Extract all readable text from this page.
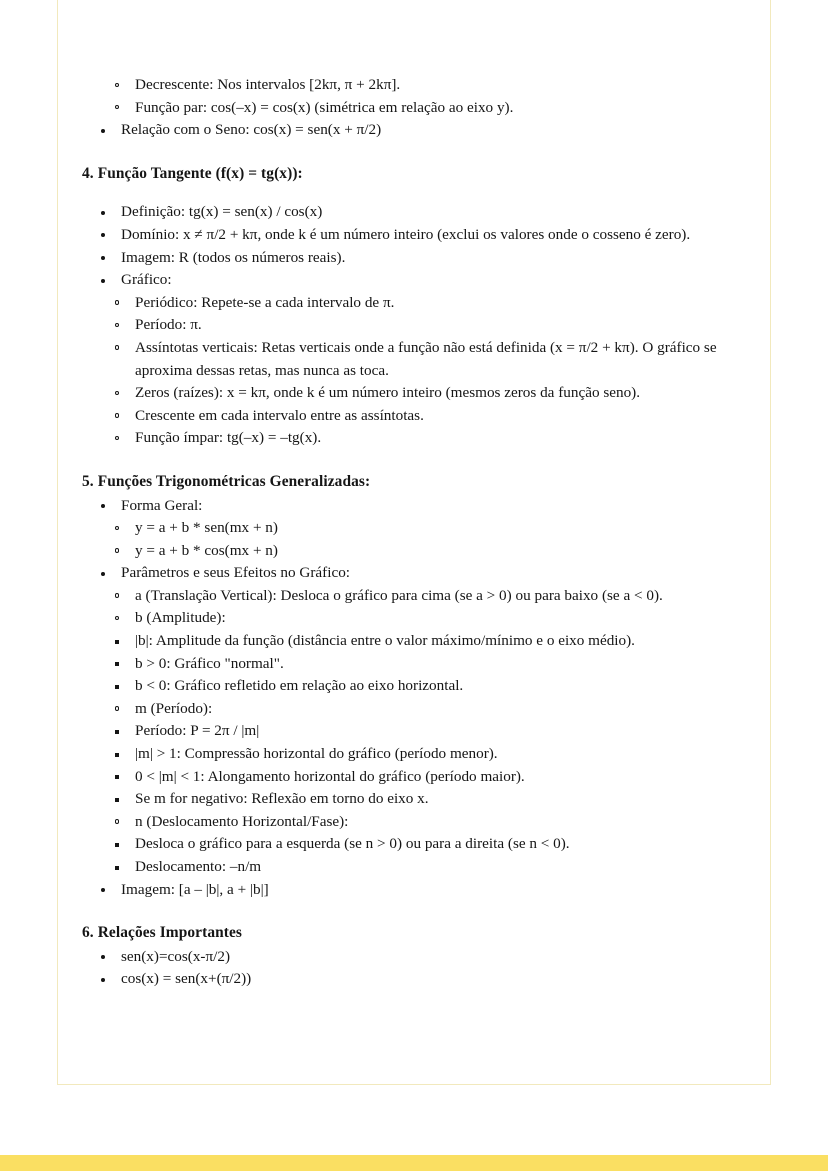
Decrescente: Nos intervalos [2kπ, π + 2kπ].
Função par: cos(–x) = cos(x) (simétrica em relação ao eixo y).
Relação com o Seno: cos(x) = sen(x + π/2)

4. Função Tangente (f(x) = tg(x)):

Definição: tg(x) = sen(x) / cos(x)
Domínio: x ≠ π/2 + kπ, onde k é um número inteiro (exclui os valores onde o cosseno é zero).
Imagem: R (todos os números reais).
Gráfico:
Periódico: Repete-se a cada intervalo de π.
Período: π.
Assíntotas verticais: Retas verticais onde a função não está definida (x = π/2 + kπ). O gráfico se aproxima dessas retas, mas nunca as toca.
Zeros (raízes): x = kπ, onde k é um número inteiro (mesmos zeros da função seno).
Crescente em cada intervalo entre as assíntotas.
Função ímpar: tg(–x) = –tg(x).

5. Funções Trigonométricas Generalizadas:

Forma Geral:
y = a + b * sen(mx + n)
y = a + b * cos(mx + n)
Parâmetros e seus Efeitos no Gráfico:
a (Translação Vertical): Desloca o gráfico para cima (se a > 0) ou para baixo (se a < 0).
b (Amplitude):
|b|: Amplitude da função (distância entre o valor máximo/mínimo e o eixo médio).
b > 0: Gráfico "normal".
b < 0: Gráfico refletido em relação ao eixo horizontal.
m (Período):
Período: P = 2π / |m|
|m| > 1: Compressão horizontal do gráfico (período menor).
0 < |m| < 1: Alongamento horizontal do gráfico (período maior).
Se m for negativo: Reflexão em torno do eixo x.
n (Deslocamento Horizontal/Fase):
Desloca o gráfico para a esquerda (se n > 0) ou para a direita (se n < 0).
Deslocamento: –n/m
Imagem: [a – |b|, a + |b|]

6. Relações Importantes

sen(x)=cos(x-π/2)
cos(x) = sen(x+(π/2))
